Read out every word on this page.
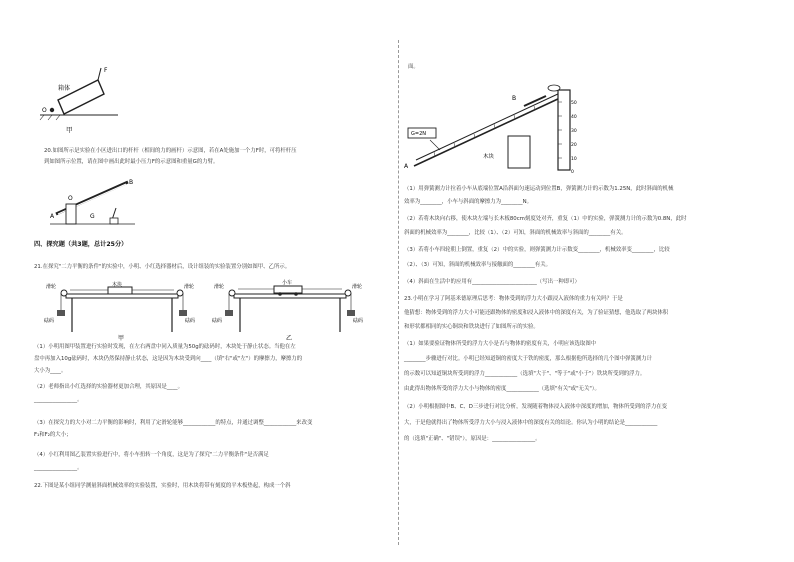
箱体
F
O
甲
20.如图所示是实验在小区进出口的杆杆（相间的力的画杆）示意图，若在A处施加一个力F时，可将杆杆压
到如图所示位置，请在图中画出此时最小压力F的示意图和重量G的力臂。
A
O
B
G
四、探究题（共3题，总计25分）
21.在探究"二力平衡的条件"的实验中，小明、小红选择器材后，设计组装的实验装置分别如图甲、乙所示。
滑轮	滑轮
木块
砝码	砝码
甲
滑轮	滑轮
小车
砝码	砝码
乙
（1）小明用图甲装置进行实验时发现，在左右两盘中同入质量为50g的砝码时，木块处于静止状态。当他在左
盘中再加入10g砝码时，木块仍然保持静止状态，这是因为木块受到向____（填"右"或"左"）的摩擦力，摩擦力的
大小为____。
（2）老师指出小红选择的实验器材更加合理，其原因是____。
________________。
（3）在探究力的大小对二力平衡的影响时，利用了定滑轮能够____________的特点，并通过调整____________来改变
F₁和F₂的大小；
（4）小红利用图乙装置实验进行中，将小车扭转一个角度，这是为了探究"二力平衡条件"是否满足
________________。
22.下图是某小组同学测量斜面机械效率的实验装置，实验时，用木块将带有刻度的平木板垫起，构成一个斜
面。
A
B
G=2N
木块
50
40
30
20
10
0
（1）用弹簧测力计拉着小车从底端位置A沿斜面匀速运动到位置B，弹簧测力计的示数为1.25N，此时斜面的机械
效率为________，小车与斜面的摩擦力为________N。
（2）若将木块向右移，使木块左端与长木板80cm刻度处对齐，重复（1）中的实验，弹簧测力计的示数为0.8N，此时
斜面的机械效率为________，比较（1）、（2）可知，斜面的机械效率与斜面的________有关。
（3）若将小车四轮朝上倒置，重复（2）中的实验，则弹簧测力计示数变________，机械效率变________，比较
（2）、（3）可知，斜面的机械效率与接触面的________有关。
（4）斜面在生活中的应用有________________________（写出一种即可）
23.小明在学习了阿基米德原理后思考：物体受到的浮力大小跟浸入液体的重力有关吗？于是
他猜想：物体受到的浮力大小可能还跟物体的密度和浸入液体中的深度有关，为了验证猜想，他选取了两块体积
和形状都相同的实心铜块和铁块进行了如图所示的实验。
（1）如果要验证物体所受的浮力大小是否与物体的密度有关，小明应该选取图中
________步骤进行对比。小明已经知道铜的密度大于铁的密度，那么根据他所选择的几个图中弹簧测力计
的示数可以知道铜块所受到的浮力____________（选填"大于"、"等于"或"小于"）铁块所受到的浮力。
由此得出物体所受的浮力大小与物体的密度____________（选填"有关"或"无关"）。
（2）小明根据图中B、C、D三步进行对比分析，发现随着物体浸入液体中深度的增加，物体所受到的浮力在变
大，于是他就得出了物体所受浮力大小与浸入液体中的深度有关的结论。你认为小明的结论是____________
的（选填"正确"、"错误"），原因是：________________。
